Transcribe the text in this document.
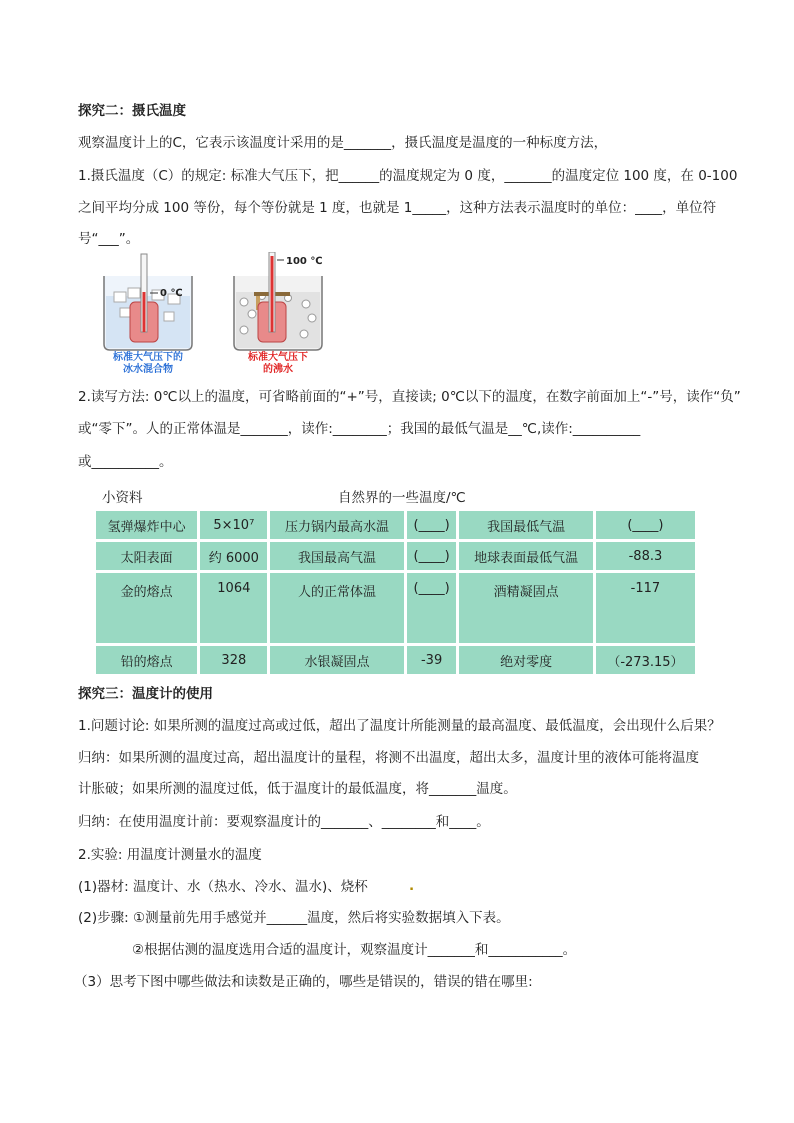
探究二：摄氏温度
观察温度计上的C，它表示该温度计采用的是_______，摄氏温度是温度的一种标度方法，
1.摄氏温度（C）的规定: 标准大气压下，把______的温度规定为 0 度，_______的温度定位 100 度，在 0-100
之间平均分成 100 等份，每个等份就是 1 度，也就是 1_____，这种方法表示温度时的单位：____，单位符
号“___”。
0 ℃
标准大气压下的
冰水混合物
100 ℃
标准大气压下
的沸水
2.读写方法: 0℃以上的温度，可省略前面的“+”号，直接读; 0℃以下的温度，在数字前面加上“-”号，读作“负”
或“零下”。人的正常体温是_______，读作:________；我国的最低气温是__℃,读作:__________
或__________。
小资料	自然界的一些温度/℃
氢弹爆炸中心	5×10⁷	压力锅内最高水温	(____)	我国最低气温	(____)
太阳表面	约 6000	我国最高气温	(____)	地球表面最低气温	-88.3
金的熔点	1064	人的正常体温	(____)	酒精凝固点	-117
铅的熔点	328	水银凝固点	-39	绝对零度	（-273.15）
探究三：温度计的使用
1.问题讨论: 如果所测的温度过高或过低，超出了温度计所能测量的最高温度、最低温度，会出现什么后果？
归纳：如果所测的温度过高，超出温度计的量程，将测不出温度，超出太多，温度计里的液体可能将温度
计胀破；如果所测的温度过低，低于温度计的最低温度，将_______温度。
归纳：在使用温度计前：要观察温度计的_______、________和____。
2.实验: 用温度计测量水的温度
(1)器材: 温度计、水（热水、冷水、温水)、烧杯	.
(2)步骤: ①测量前先用手感觉并______温度，然后将实验数据填入下表。
②根据估测的温度选用合适的温度计，观察温度计_______和___________。
（3）思考下图中哪些做法和读数是正确的，哪些是错误的，错误的错在哪里:
